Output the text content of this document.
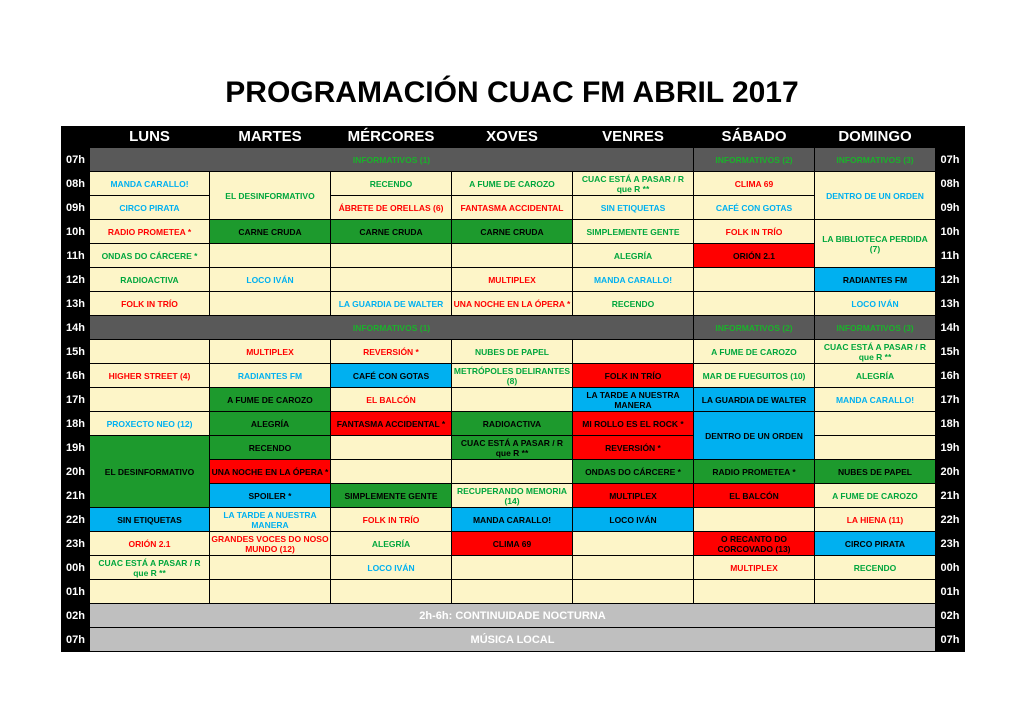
PROGRAMACIÓN CUAC FM ABRIL 2017
	LUNS	MARTES	MÉRCORES	XOVES	VENRES	SÁBADO	DOMINGO	
07h	INFORMATIVOS (1)					INFORMATIVOS (2)	INFORMATIVOS (3)	07h
08h	MANDA CARALLO!	EL DESINFORMATIVO	RECENDO	A FUME DE CAROZO	CUAC ESTÁ A PASAR / R que R **	CLIMA 69	DENTRO DE UN ORDEN	08h
09h	CIRCO PIRATA		ÁBRETE DE ORELLAS (6)	FANTASMA ACCIDENTAL	SIN ETIQUETAS	CAFÉ CON GOTAS		09h
10h	RADIO PROMETEA *	CARNE CRUDA	CARNE CRUDA	CARNE CRUDA	SIMPLEMENTE GENTE	FOLK IN TRÍO	LA BIBLIOTECA PERDIDA (7)	10h
11h	ONDAS DO CÁRCERE *				ALEGRÍA	ORIÓN 2.1		11h
12h	RADIOACTIVA	LOCO IVÁN		MULTIPLEX	MANDA CARALLO!		RADIANTES FM	12h
13h	FOLK IN TRÍO		LA GUARDIA DE WALTER	UNA NOCHE EN LA ÓPERA *	RECENDO		LOCO IVÁN	13h
14h	INFORMATIVOS (1)					INFORMATIVOS (2)	INFORMATIVOS (3)	14h
15h		MULTIPLEX	REVERSIÓN *	NUBES DE PAPEL		A FUME DE CAROZO	CUAC ESTÁ A PASAR / R que R **	15h
16h	HIGHER STREET (4)	RADIANTES FM	CAFÉ CON GOTAS	METRÓPOLES DELIRANTES (8)	FOLK IN TRÍO	MAR DE FUEGUITOS (10)	ALEGRÍA	16h
17h		A FUME DE CAROZO	EL BALCÓN		LA TARDE A NUESTRA MANERA	LA GUARDIA DE WALTER	MANDA CARALLO!	17h
18h	PROXECTO NEO (12)	ALEGRÍA	FANTASMA ACCIDENTAL *	RADIOACTIVA	MI ROLLO ES EL ROCK *	DENTRO DE UN ORDEN		18h
19h	EL DESINFORMATIVO	RECENDO		CUAC ESTÁ A PASAR / R que R **	REVERSIÓN *			19h
20h		UNA NOCHE EN LA ÓPERA *			ONDAS DO CÁRCERE *	RADIO PROMETEA *	NUBES DE PAPEL	20h
21h		SPOILER *	SIMPLEMENTE GENTE	RECUPERANDO MEMORIA (14)	MULTIPLEX	EL BALCÓN	A FUME DE CAROZO	21h
22h	SIN ETIQUETAS	LA TARDE A NUESTRA MANERA	FOLK IN TRÍO	MANDA CARALLO!	LOCO IVÁN		LA HIENA (11)	22h
23h	ORIÓN 2.1	GRANDES VOCES DO NOSO MUNDO (12)	ALEGRÍA	CLIMA 69		O RECANTO DO CORCOVADO (13)	CIRCO PIRATA	23h
00h	CUAC ESTÁ A PASAR / R que R **		LOCO IVÁN			MULTIPLEX	RECENDO	00h
01h								01h
02h	2h-6h: CONTINUIDADE NOCTURNA							02h
07h	MÚSICA LOCAL							07h
